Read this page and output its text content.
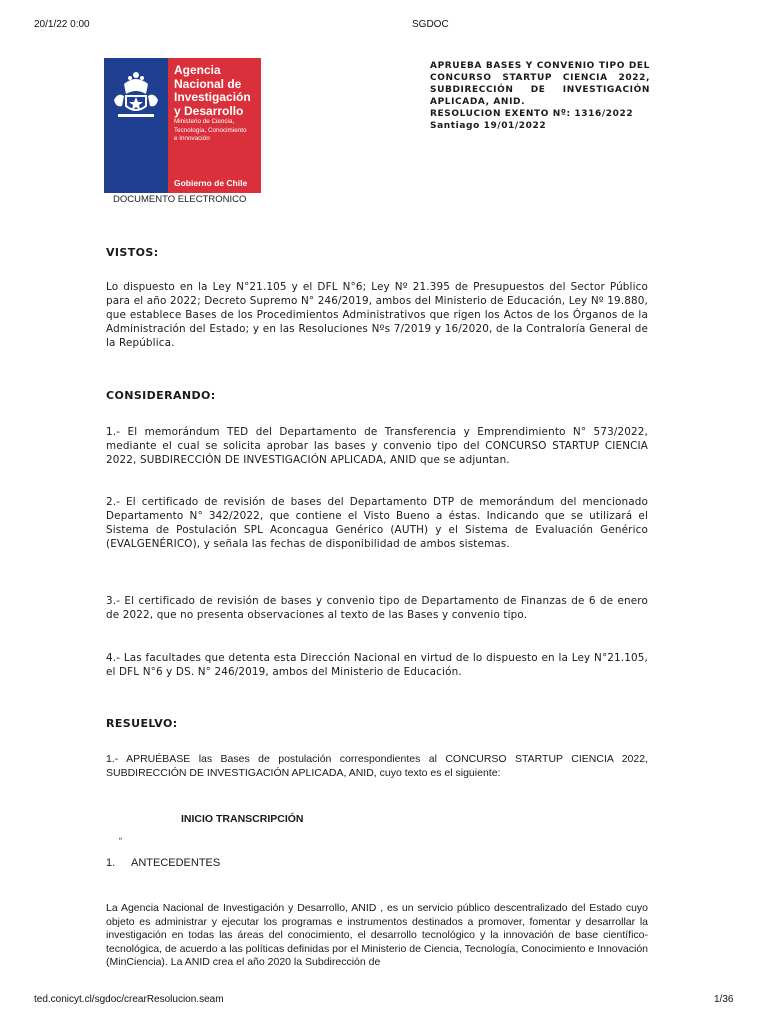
20/1/22 0:00	SGDOC
Agencia
Nacional de
Investigación
y Desarrollo
Ministerio de Ciencia,
Tecnología, Conocimiento
e Innovación
Gobierno de Chile
DOCUMENTO ELECTRONICO
APRUEBA BASES Y CONVENIO TIPO DEL
CONCURSO STARTUP CIENCIA 2022,
SUBDIRECCIÓN DE INVESTIGACIÓN
APLICADA, ANID.
RESOLUCION EXENTO Nº: 1316/2022
Santiago 19/01/2022
VISTOS:
Lo dispuesto en la Ley N°21.105 y el DFL N°6; Ley Nº 21.395 de Presupuestos del Sector Público para el año 2022; Decreto Supremo N° 246/2019, ambos del Ministerio de Educación, Ley Nº 19.880, que establece Bases de los Procedimientos Administrativos que rigen los Actos de los Órganos de la Administración del Estado; y en las Resoluciones Nºs 7/2019 y 16/2020, de la Contraloría General de la República.
CONSIDERANDO:
1.- El memorándum TED del Departamento de Transferencia y Emprendimiento N° 573/2022, mediante el cual se solicita aprobar las bases y convenio tipo del CONCURSO STARTUP CIENCIA 2022, SUBDIRECCIÓN DE INVESTIGACIÓN APLICADA, ANID que se adjuntan.
2.- El certificado de revisión de bases del Departamento DTP de memorándum del mencionado Departamento N° 342/2022, que contiene el Visto Bueno a éstas. Indicando que se utilizará el Sistema de Postulación SPL Aconcagua Genérico (AUTH) y el Sistema de Evaluación Genérico (EVALGENÉRICO), y señala las fechas de disponibilidad de ambos sistemas.
3.- El certificado de revisión de bases y convenio tipo de Departamento de Finanzas de 6 de enero de 2022, que no presenta observaciones al texto de las Bases y convenio tipo.
4.- Las facultades que detenta esta Dirección Nacional en virtud de lo dispuesto en la Ley N°21.105, el DFL N°6 y DS. N° 246/2019, ambos del Ministerio de Educación.
RESUELVO:
1.- APRUÉBASE las Bases de postulación correspondientes al CONCURSO STARTUP CIENCIA 2022, SUBDIRECCIÓN DE INVESTIGACIÓN APLICADA, ANID, cuyo texto es el siguiente:
INICIO TRANSCRIPCIÓN
“
1. ANTECEDENTES
La Agencia Nacional de Investigación y Desarrollo, ANID , es un servicio público descentralizado del Estado cuyo objeto es administrar y ejecutar los programas e instrumentos destinados a promover, fomentar y desarrollar la investigación en todas las áreas del conocimiento, el desarrollo tecnológico y la innovación de base científico-tecnológica, de acuerdo a las políticas definidas por el Ministerio de Ciencia, Tecnología, Conocimiento e Innovación (MinCiencia). La ANID crea el año 2020 la Subdirección de
ted.conicyt.cl/sgdoc/crearResolucion.seam	1/36
